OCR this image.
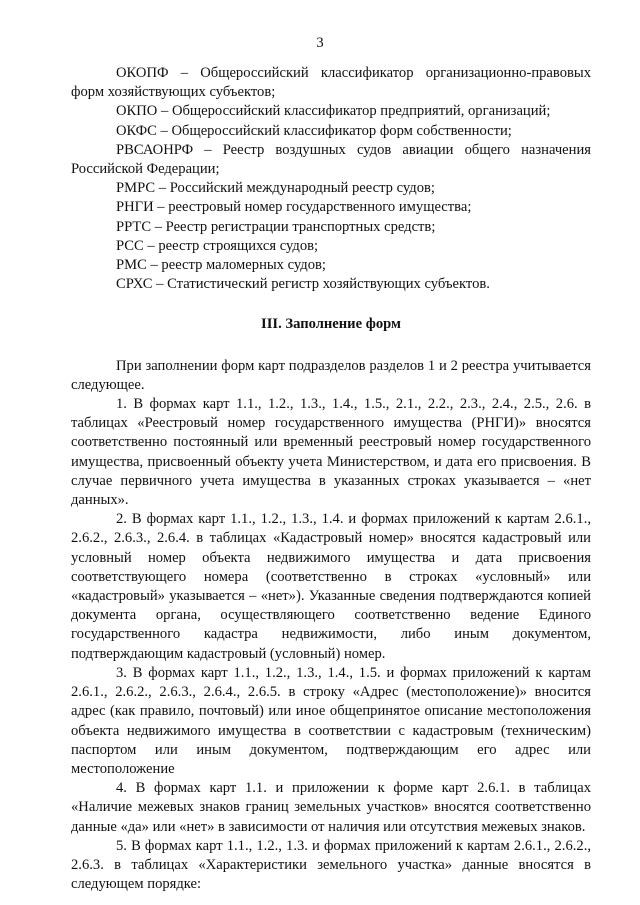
3

ОКОПФ – Общероссийский классификатор организационно-правовых форм хозяйствующих субъектов;

ОКПО – Общероссийский классификатор предприятий, организаций;

ОКФС – Общероссийский классификатор форм собственности;

РВСАОНРФ – Реестр воздушных судов авиации общего назначения Российской Федерации;

РМРС – Российский международный реестр судов;

РНГИ – реестровый номер государственного имущества;

РРТС – Реестр регистрации транспортных средств;

РСС – реестр строящихся судов;

РМС – реестр маломерных судов;

СРХС – Статистический регистр хозяйствующих субъектов.

III. Заполнение форм

При заполнении форм карт подразделов разделов 1 и 2 реестра учитывается следующее.

1. В формах карт 1.1., 1.2., 1.3., 1.4., 1.5., 2.1., 2.2., 2.3., 2.4., 2.5., 2.6. в таблицах «Реестровый номер государственного имущества (РНГИ)» вносятся соответственно постоянный или временный реестровый номер государственного имущества, присвоенный объекту учета Министерством, и дата его присвоения. В случае первичного учета имущества в указанных строках указывается – «нет данных».

2. В формах карт 1.1., 1.2., 1.3., 1.4. и формах приложений к картам 2.6.1., 2.6.2., 2.6.3., 2.6.4. в таблицах «Кадастровый номер» вносятся кадастровый или условный номер объекта недвижимого имущества и дата присвоения соответствующего номера (соответственно в строках «условный» или «кадастровый» указывается – «нет»). Указанные сведения подтверждаются копией документа органа, осуществляющего соответственно ведение Единого государственного кадастра недвижимости, либо иным документом, подтверждающим кадастровый (условный) номер.

3. В формах карт 1.1., 1.2., 1.3., 1.4., 1.5. и формах приложений к картам 2.6.1., 2.6.2., 2.6.3., 2.6.4., 2.6.5. в строку «Адрес (местоположение)» вносится адрес (как правило, почтовый) или иное общепринятое описание местоположения объекта недвижимого имущества в соответствии с кадастровым (техническим) паспортом или иным документом, подтверждающим его адрес или местоположение

4. В формах карт 1.1. и приложении к форме карт 2.6.1. в таблицах «Наличие межевых знаков границ земельных участков» вносятся соответственно данные «да» или «нет» в зависимости от наличия или отсутствия межевых знаков.

5. В формах карт 1.1., 1.2., 1.3. и формах приложений к картам 2.6.1., 2.6.2., 2.6.3. в таблицах «Характеристики земельного участка» данные вносятся в следующем порядке:
